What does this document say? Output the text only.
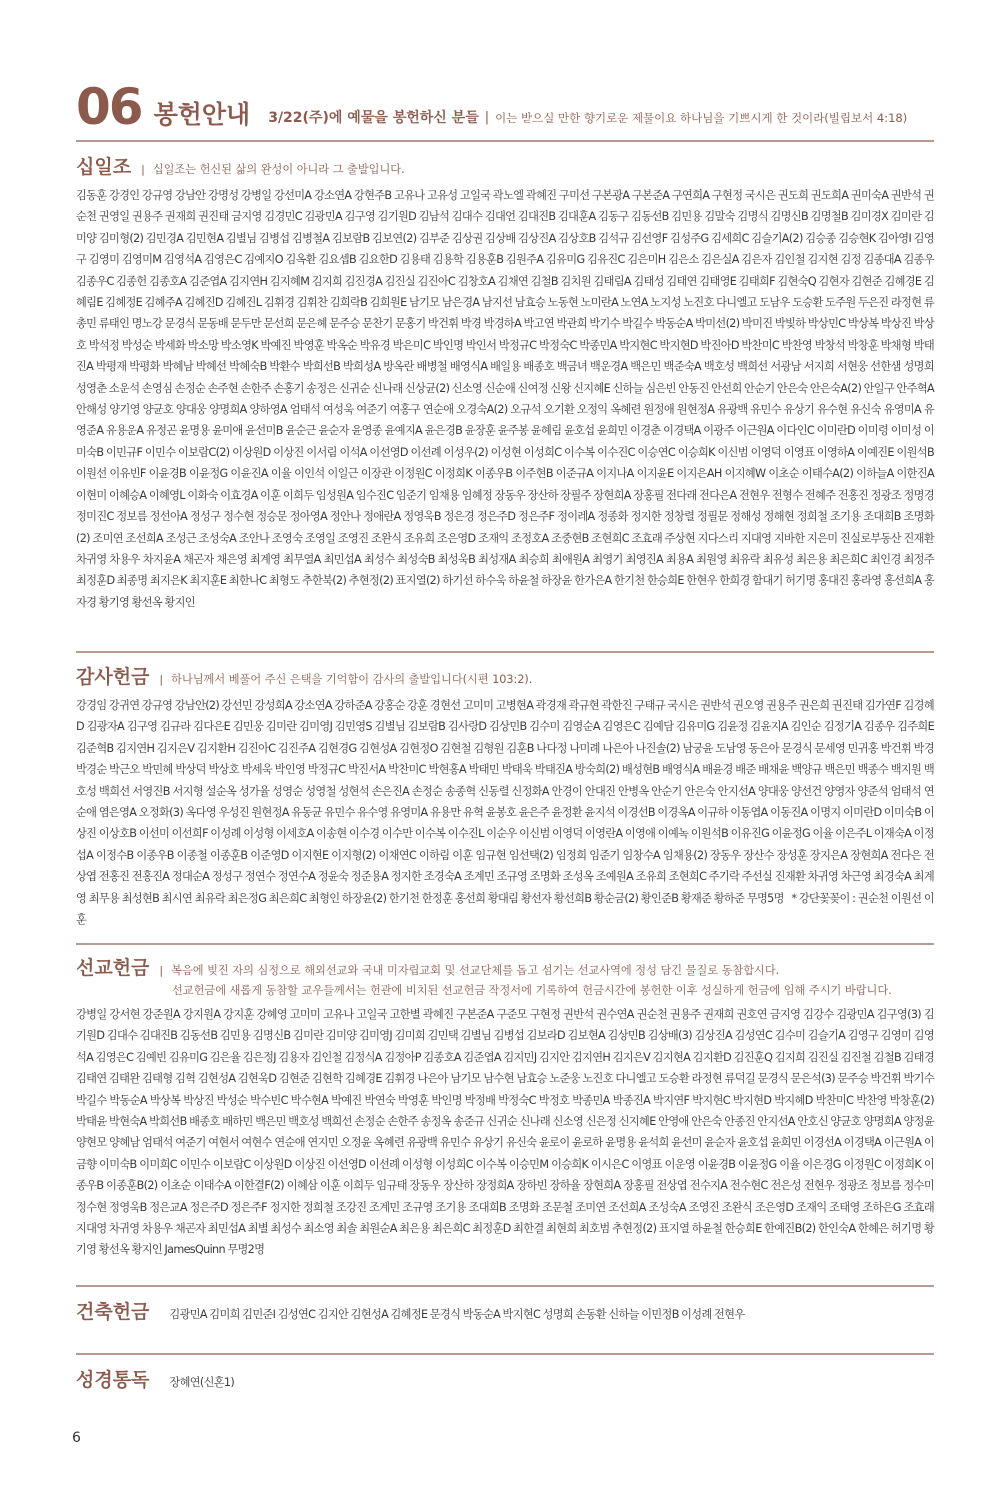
06 봉헌안내 3/22(주)에 예물을 봉헌하신 분들 | 이는 받으실 만한 향기로운 제물이요 하나님을 기쁘시게 한 것이라(빌립보서 4:18)
십일조 | 십일조는 헌신된 삶의 완성이 아니라 그 출발입니다.

김동훈 강경인 강규영 강남안 강명성 강병일 강선미A 강소연A 강현주B 고유나 고유성 고일국 곽노엘 곽혜진 구미선 구본광A 구본준A 구연희A 구현정 국시은 권도희 권도희A 권미숙A 권반석 권순천 권영일 권용주 권재희 권진태 금지영 김경민C 김광민A 김구영 김기원D 김남석 김대수 김대언 김대진B 김대훈A 김동구 김동선B 김민용 김말숙 김명식 김명신B 김명철B 김미경X 김미란 김미양 김미형(2) 김민경A 김민현A 김별님 김병섭 김병철A 김보람B 김보연(2) 김부준 김상권 김상배 김상진A 김상호B 김석규 김선영F 김성주G 김세희C 김슬기A(2) 김승종 김승현K 김아영I 김영구 김영미 김영미M 김영석A 김영은C 김예지O 김옥환 김요셉B 김요한D 김용태 김용학 김용훈B 김원주A 김유미G 김유진C 김은미H 김은소 김은실A 김은자 김인철 김지현 김정 김종대A 김종우 김종우C 김종헌 김종호A 김준엽A 김지연H 김지혜M 김지희 김진경A 김진실 김진아C 김창호A 김채연 김철B 김치원 김태림A 김태성 김태연 김태영E 김태희F 김현숙Q 김현자 김현준 김혜경E 김혜림E 김혜정E 김혜주A 김혜진D 김혜진L 김휘경 김휘찬 김희락B 김희원E 남기모 남은경A 남지선 남효승 노동현 노미란A 노연A 노지성 노진호 다니엘고 도남우 도승환 도주원 두은진 라정현 류총민 류태인 명노강 문경식 문동배 문두만 문선희 문은혜 문주승 문찬기 문홍기 박건휘 박경 박경하A 박고연 박관희 박기수 박길수 박동순A 박미선(2) 박미진 박빛하 박상민C 박상복 박상진 박상호 박석정 박성순 박세화 박소망 박소영K 박예진 박영훈 박옥순 박유경 박은미C 박인명 박인서 박정규C 박정숙C 박종민A 박지현C 박지현D 박진아D 박찬미C 박찬영 박창석 박창훈 박채형 박태진A 박평재 박평화 박혜남 박혜선 박혜숙B 박환수 박희선B 박희성A 방옥란 배병철 배영식A 배일용 배종호 백금녀 백운경A 백은민 백준숙A 백호성 백희선 서광남 서지희 서현웅 선한샘 성명희 성영춘 소운석 손영심 손정순 손주현 손한주 손홍기 송정은 신귀순 신나래 신상균(2) 신소영 신순애 신여정 신왕 신지혜E 신하늘 심은빈 안동진 안선희 안순기 안은숙 안은숙A(2) 안일구 안주혁A 안해성 양기영 양균호 양대웅 양명희A 양하영A 엄태석 여성욱 여준기 여홍구 연순애 오경숙A(2) 오규석 오기환 오정익 옥혜련 원정애 원현정A 유광백 유민수 유상기 유수현 유신숙 유영미A 유영준A 유용운A 유정곤 윤명용 윤미애 윤선미B 윤순근 윤순자 윤영종 윤예지A 윤은경B 윤장훈 윤주봉 윤혜림 윤호섭 윤희민 이경춘 이경택A 이광주 이근원A 이다인C 이미란D 이미령 이미성 이미숙B 이민규F 이민수 이보람C(2) 이상원D 이상진 이서림 이석A 이선영D 이선례 이성우(2) 이성현 이성희C 이수복 이수진C 이승연C 이승희K 이신범 이영덕 이영표 이영하A 이예진E 이원석B 이원선 이유빈F 이윤경B 이윤정G 이윤진A 이율 이인석 이일근 이장관 이정원C 이정희K 이종우B 이주현B 이준규A 이지나A 이지윤E 이지은AH 이지혜W 이초순 이태수A(2) 이하늘A 이한진A 이현미 이혜승A 이혜영L 이화숙 이효경A 이훈 이희두 임성원A 임수진C 임준기 임채용 임혜정 장동우 장산하 장필주 장현희A 장홍필 전다래 전다은A 전현우 전형수 전혜주 전홍진 정광조 정명경 정미진C 정보름 정선아A 정성구 정수현 정승문 정아영A 정안나 정애란A 정영욱B 정은경 정은주D 정은주F 정이레A 정종화 정지한 정창렬 정필문 정해성 정해현 정희철 조기용 조대희B 조명화(2) 조미연 조선희A 조성근 조성숙A 조안나 조영숙 조영일 조영진 조완식 조유희 조은영D 조재익 조정호A 조중현B 조현희C 조효래 주상현 지다스리 지대영 지바한 지은미 진실로부동산 진재환 차귀영 차용우 차지윤A 채곤자 채은영 최계영 최무열A 최민섭A 최성수 최성숙B 최성욱B 최성재A 최승희 최애원A 최영기 최영진A 최용A 최원영 최유락 최유성 최은용 최은희C 최인경 최정주 최정훈D 최종명 최지은K 최지훈E 최한나C 최형도 추한북(2) 추현정(2) 표지열(2) 하기선 하수욱 하윤철 하장윤 한가은A 한기천 한승희E 한현우 한희경 함대기 허기명 홍대진 홍라영 홍선희A 홍자경 황기영 황선옥 황지인

감사헌금 | 하나님께서 베풀어 주신 은택을 기억함이 감사의 출발입니다(시편 103:2).

강경임 강귀연 강규영 강남안(2) 강선민 강성희A 강소연A 강하준A 강홍순 강훈 경현선 고미미 고병현A 곽경재 곽규현 곽한진 구태규 국시은 권반석 권오영 권용주 권은희 권진태 김가연F 김경혜D 김광자A 김구영 김규라 김다은E 김민웅 김미란 김미영J 김민영S 김별님 김보람B 김사랑D 김상민B 김수미 김영순A 김영은C 김예담 김유미G 김윤정 김윤지A 김인순 김정기A 김종우 김주희E 김준혁B 김지연H 김지은V 김지환H 김진아C 김진주A 김현경G 김현성A 김현정O 김현철 김형원 김훈B 나다정 나미례 나은아 나진솔(2) 남궁윤 도남영 동은아 문경식 문세영 민귀홍 박건휘 박경 박경순 박근오 박민혜 박상덕 박상호 박세욱 박인영 박정규C 박진서A 박찬미C 박현홍A 박태민 박태욱 박태진A 방숙희(2) 배성현B 배영식A 배윤경 배준 배채윤 백양규 백은민 백종수 백지원 백호성 백희선 서영진B 서지형 설순옥 성가율 성영순 성영철 성현석 손은진A 손정순 송종혁 신동렬 신정화A 안경이 안대진 안병옥 안순기 안은숙 안지선A 양대웅 양선건 양영자 양준석 엄태석 연순애 염은영A 오정화(3) 옥다영 우성진 원현정A 유동균 유민수 유수영 유영미A 유용만 유혁 윤봉호 윤은주 윤정환 윤지석 이경선B 이경옥A 이규하 이동엽A 이동진A 이명지 이미란D 이미숙B 이상진 이상호B 이선미 이선희F 이성례 이성형 이세호A 이송현 이수경 이수만 이수복 이수진L 이순우 이신범 이영덕 이영란A 이영애 이예녹 이원석B 이유진G 이윤정G 이율 이은주L 이재숙A 이정섭A 이정수B 이종우B 이종철 이종훈B 이준영D 이지현E 이지형(2) 이채연C 이하림 이훈 임규현 임선택(2) 임정희 임준기 임창수A 임채용(2) 장동우 장산수 장성훈 장지은A 장현희A 전다은 전상엽 전홍진 전홍진A 정대순A 정성구 정연수 정연수A 정윤숙 정준용A 정지한 조경숙A 조계민 조규영 조명화 조성옥 조예원A 조유희 조현희C 주기락 주선실 진재환 차귀영 차근영 최경숙A 최계영 최무용 최성현B 최시연 최유락 최은정G 최은희C 최형인 하장윤(2) 한기천 한정훈 홍선희 황대림 황선자 황선희B 황순금(2) 황인준B 황재준 황하준 무명5명 * 강단꽃꽂이 : 권순천 이원선 이훈

선교헌금 | 복음에 빚진 자의 심정으로 해외선교와 국내 미자립교회 및 선교단체를 돕고 섬기는 선교사역에 정성 담긴 물질로 동참합시다.
선교헌금에 새롭게 동참할 교우들께서는 헌관에 비치된 선교헌금 작정서에 기록하여 헌금시간에 봉헌한 이후 성실하게 헌금에 임해 주시기 바랍니다.

강병일 강서현 강준원A 강지원A 강지훈 강혜영 고미미 고유나 고일국 고한별 곽혜진 구본준A 구준모 구현정 권반석 권수연A 권순천 권용주 권재희 권호연 금지영 김강수 김광민A 김구영(3) 김기원D 김대수 김대진B 김동선B 김민용 김명신B 김미란 김미양 김미영J 김미희 김민택 김별님 김병섭 김보라D 김보현A 김상민B 김상배(3) 김상진A 김성연C 김수미 김슬기A 김영구 김영미 김영석A 김영은C 김예빈 김유미G 김은율 김은정J 김용자 김인철 김정식A 김정아P 김종호A 김준엽A 김지민J 김지안 김지연H 김지은V 김지현A 김지환D 김진훈Q 김지희 김진실 김진철 김철B 김태경 김태연 김태완 김태형 김혁 김현성A 김현욱D 김현준 김현학 김혜경E 김휘경 나은아 남기모 남수현 남효승 노준웅 노진호 다니엘고 도승환 라정현 류덕길 문경식 문은석(3) 문주승 박건휘 박기수 박길수 박동순A 박상복 박상진 박성순 박수빈C 박수현A 박예진 박연숙 박영훈 박인명 박정배 박정숙C 박정호 박종민A 박종진A 박지연F 박지현C 박지현D 박지혜D 박찬미C 박찬영 박창훈(2) 박태윤 박현숙A 박희선B 배종호 배하민 백은민 백호성 백희선 손정순 손한주 송정옥 송준규 신귀순 신나래 신소영 신은정 신지혜E 안영애 안은숙 안종진 안지선A 안호신 양균호 양명희A 양정윤 양현모 양혜남 엄태석 여준기 여현서 여현수 연순애 연지민 오정윤 옥혜련 유광백 유민수 유상기 유신숙 윤로이 윤로하 윤명용 윤석희 윤선미 윤순자 윤호섭 윤희민 이경선A 이경택A 이근원A 이금향 이미숙B 이미희C 이민수 이보람C 이상원D 이상진 이선영D 이선례 이성형 이성희C 이수복 이승민M 이승희K 이시은C 이영표 이운영 이윤경B 이윤정G 이율 이은경G 이정원C 이정희K 이종우B 이종훈B(2) 이초순 이태수A 이한결F(2) 이혜삼 이훈 이희두 임규태 장동우 장산하 장정희A 장하빈 장하율 장현희A 장홍필 전상엽 전수지A 전수현C 전은성 전현우 정광조 정보름 정수미 정수현 정영욱B 정은교A 정은주D 정은주F 정지한 정희철 조강진 조계민 조규영 조기용 조대희B 조명화 조문철 조미연 조선희A 조성숙A 조영진 조완식 조은영D 조재익 조태영 조하은G 조효래 지대영 차귀영 차용우 채곤자 최민섭A 최별 최성수 최소영 최솔 최원순A 최은용 최은희C 최정훈D 최한결 최현희 최호범 추현정(2) 표지열 하윤철 한승희E 한예진B(2) 한인숙A 한혜은 허기명 황기영 황선옥 황지인 JamesQuinn 무명2명

건축헌금 김광민A 김미희 김민준I 김성연C 김지안 김현성A 김혜정E 문경식 박동순A 박지현C 성명희 손동환 신하늘 이민정B 이성례 전현우
성경통독 장혜연(신혼1)
6
